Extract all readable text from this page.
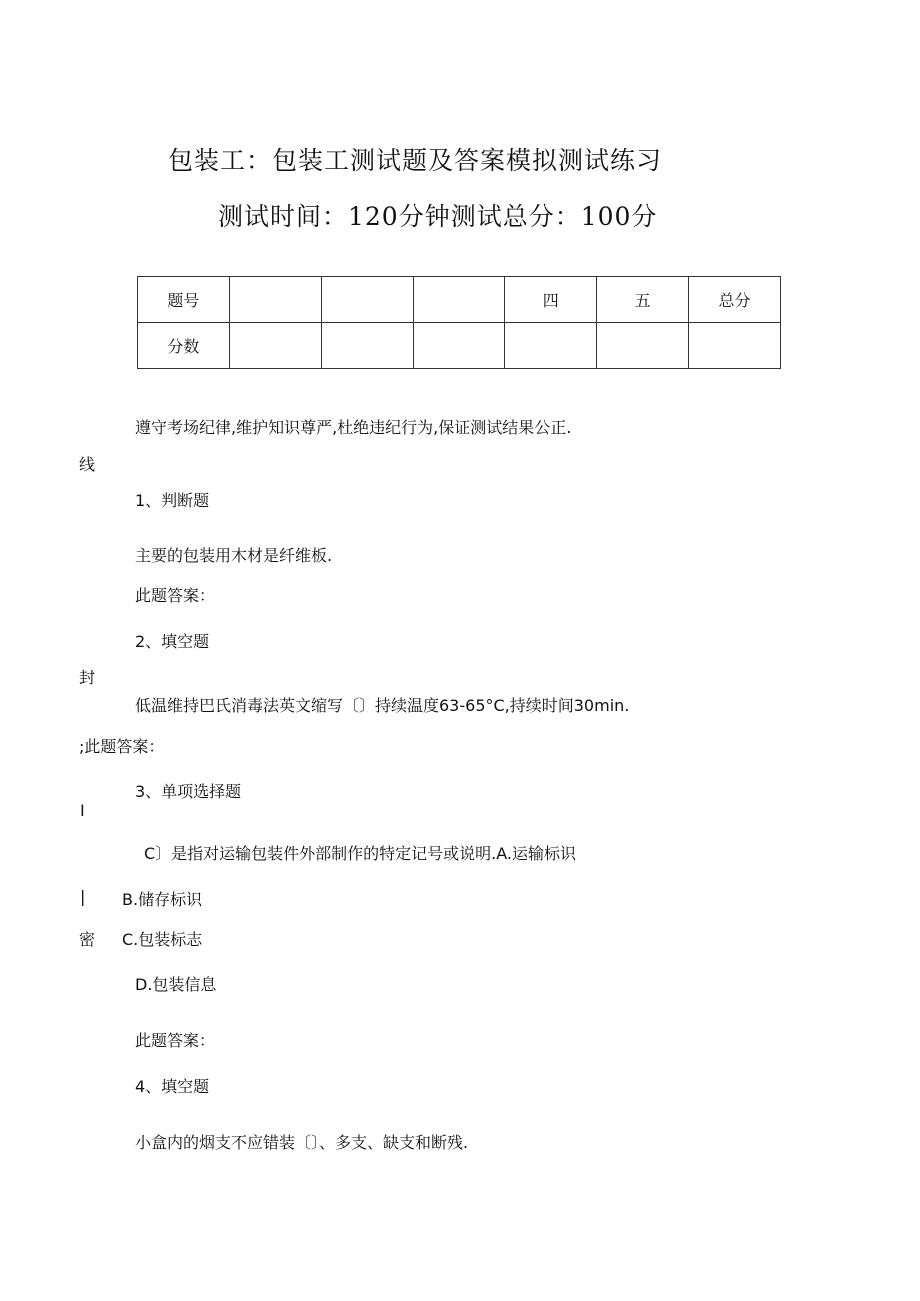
包装工：包装工测试题及答案模拟测试练习
测试时间：120分钟测试总分：100分
题号				四	五	总分
分数						
遵守考场纪律,维护知识尊严,杜绝违纪行为,保证测试结果公正.
线
1、判断题
主要的包装用木材是纤维板.
此题答案：
2、填空题
封
低温维持巴氏消毒法英文缩写〔〕持续温度63-65°C,持续时间30min.
;此题答案：
3、单项选择题
I
C〕是指对运输包装件外部制作的特定记号或说明.A.运输标识
| B.储存标识
密 C.包装标志
D.包装信息
此题答案：
4、填空题
小盒内的烟支不应错装〔〕、多支、缺支和断残.
